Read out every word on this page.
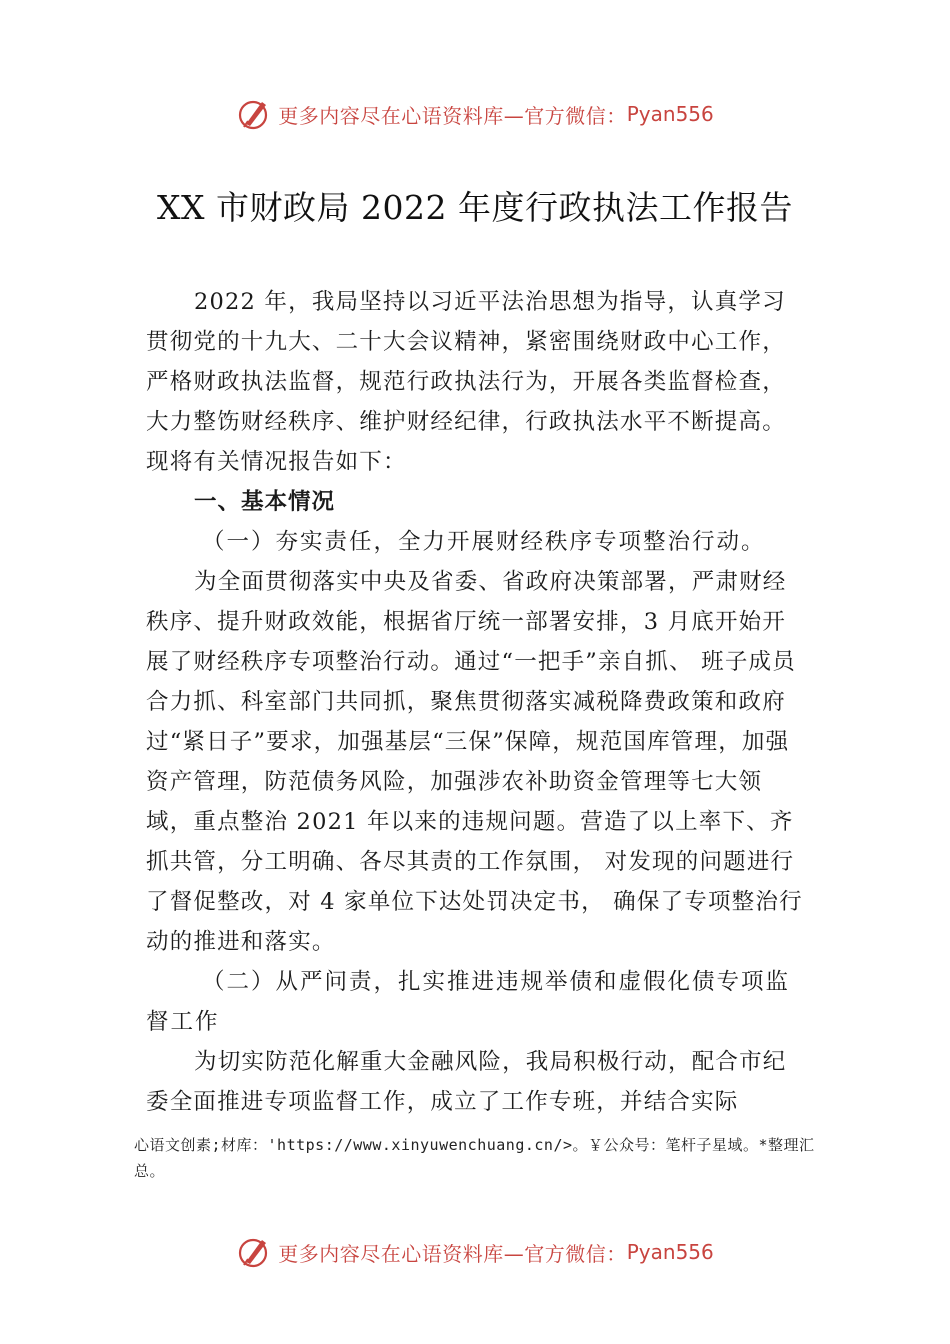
更多内容尽在心语资料库—官方微信： Pyan556
XX 市财政局 2022 年度行政执法工作报告

2022 年，我局坚持以习近平法治思想为指导，认真学习贯彻党的十九大、二十大会议精神，紧密围绕财政中心工作，严格财政执法监督，规范行政执法行为，开展各类监督检查，大力整饬财经秩序、维护财经纪律，行政执法水平不断提高。现将有关情况报告如下：

一、基本情况

（一）夯实责任，全力开展财经秩序专项整治行动。

为全面贯彻落实中央及省委、省政府决策部署，严肃财经秩序、提升财政效能，根据省厅统一部署安排，3 月底开始开展了财经秩序专项整治行动。通过“一把手”亲自抓、 班子成员合力抓、科室部门共同抓，聚焦贯彻落实减税降费政策和政府过“紧日子”要求，加强基层“三保”保障，规范国库管理，加强资产管理，防范债务风险，加强涉农补助资金管理等七大领域，重点整治 2021 年以来的违规问题。营造了以上率下、齐抓共管，分工明确、各尽其责的工作氛围， 对发现的问题进行了督促整改，对 4 家单位下达处罚决定书， 确保了专项整治行动的推进和落实。

（二）从严问责，扎实推进违规举债和虚假化债专项监督工作

为切实防范化解重大金融风险，我局积极行动，配合市纪委全面推进专项监督工作，成立了工作专班，并结合实际

心语文创素;材库：'https://www.xinyuwenchuang.cn/>。￥公众号：笔杆子星域。*整理汇总。
更多内容尽在心语资料库—官方微信： Pyan556
